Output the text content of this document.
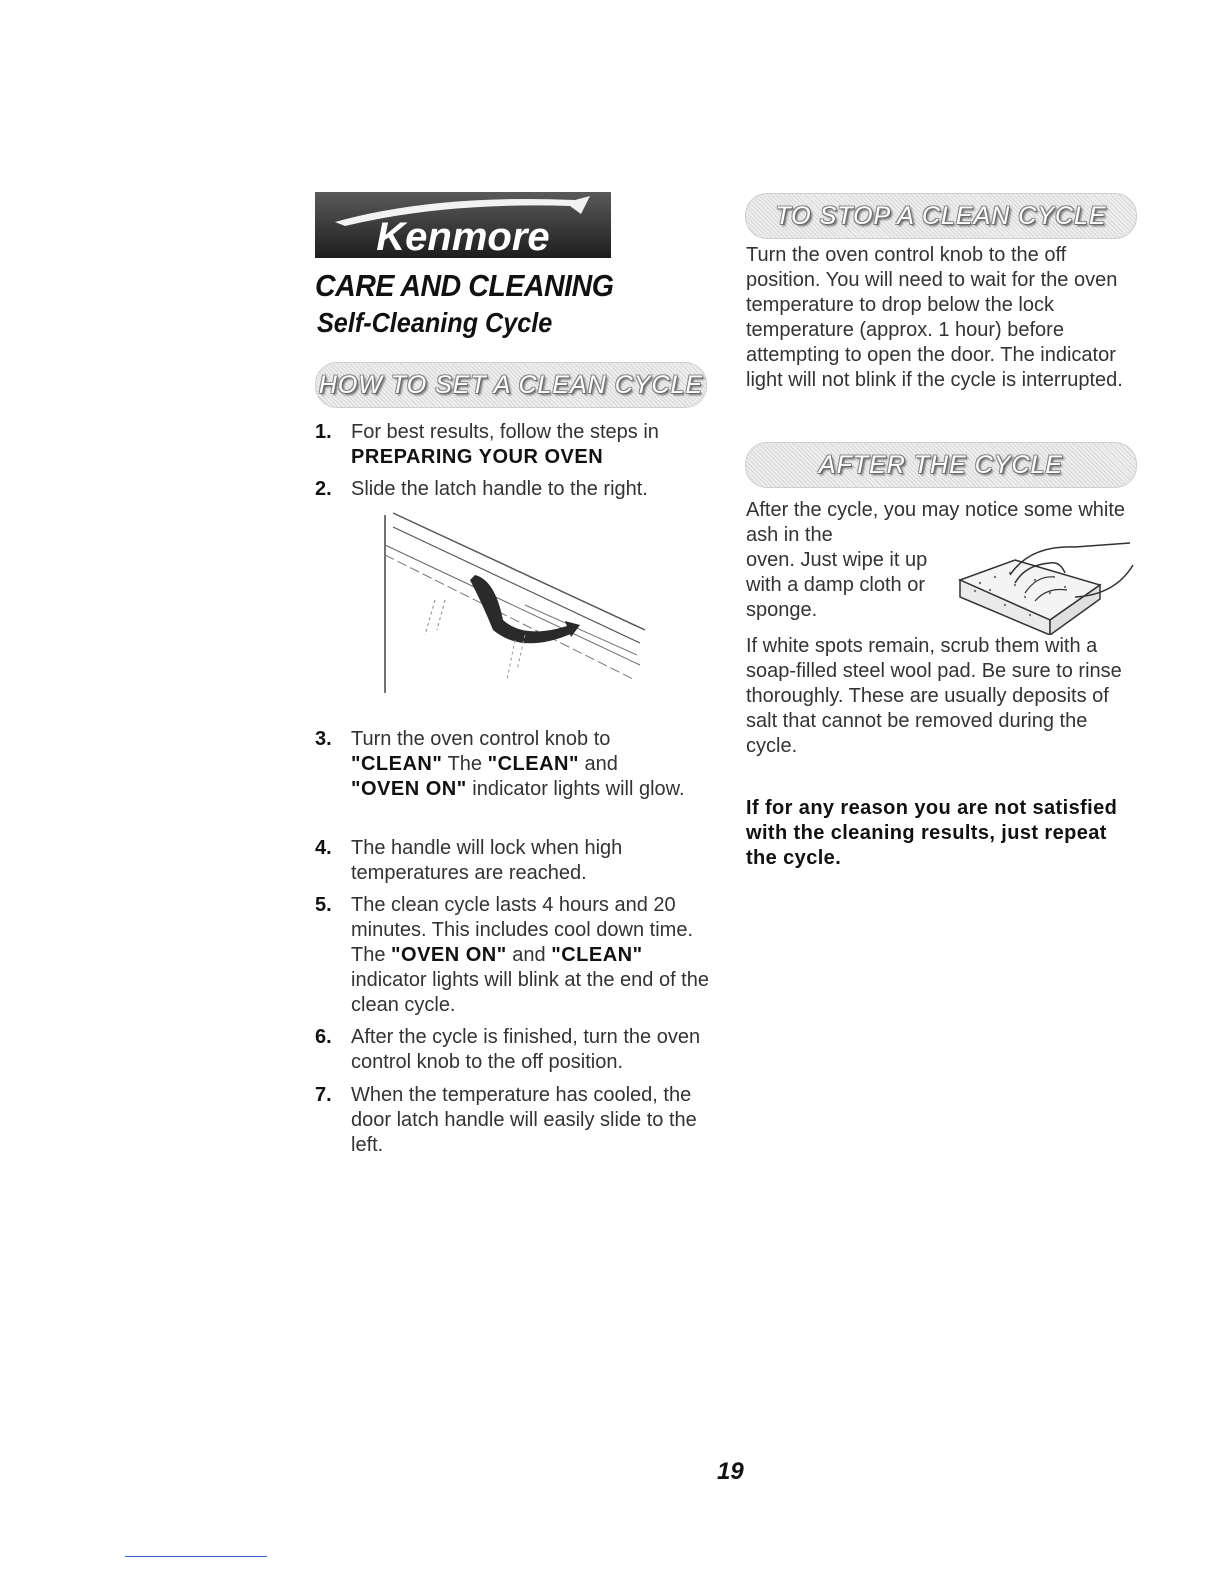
Kenmore
CARE AND CLEANING
Self-Cleaning Cycle
HOW TO SET A CLEAN CYCLE
1. For best results, follow the steps in
PREPARING YOUR OVEN
2. Slide the latch handle to the right.
3. Turn the oven control knob to
"CLEAN" The "CLEAN" and
"OVEN ON" indicator lights will glow.
4. The handle will lock when high temperatures are reached.
5. The clean cycle lasts 4 hours and 20 minutes. This includes cool down time. The "OVEN ON" and "CLEAN" indicator lights will blink at the end of the clean cycle.
6. After the cycle is finished, turn the oven control knob to the off position.
7. When the temperature has cooled, the door latch handle will easily slide to the left.
TO STOP A CLEAN CYCLE
Turn the oven control knob to the off position. You will need to wait for the oven temperature to drop below the lock temperature (approx. 1 hour) before attempting to open the door. The indicator light will not blink if the cycle is interrupted.
AFTER THE CYCLE
After the cycle, you may notice some white ash in the
oven. Just wipe it up with a damp cloth or sponge.
If white spots remain, scrub them with a soap-filled steel wool pad. Be sure to rinse thoroughly. These are usually deposits of salt that cannot be removed during the cycle.
If for any reason you are not satisfied with the cleaning results, just repeat the cycle.
19
